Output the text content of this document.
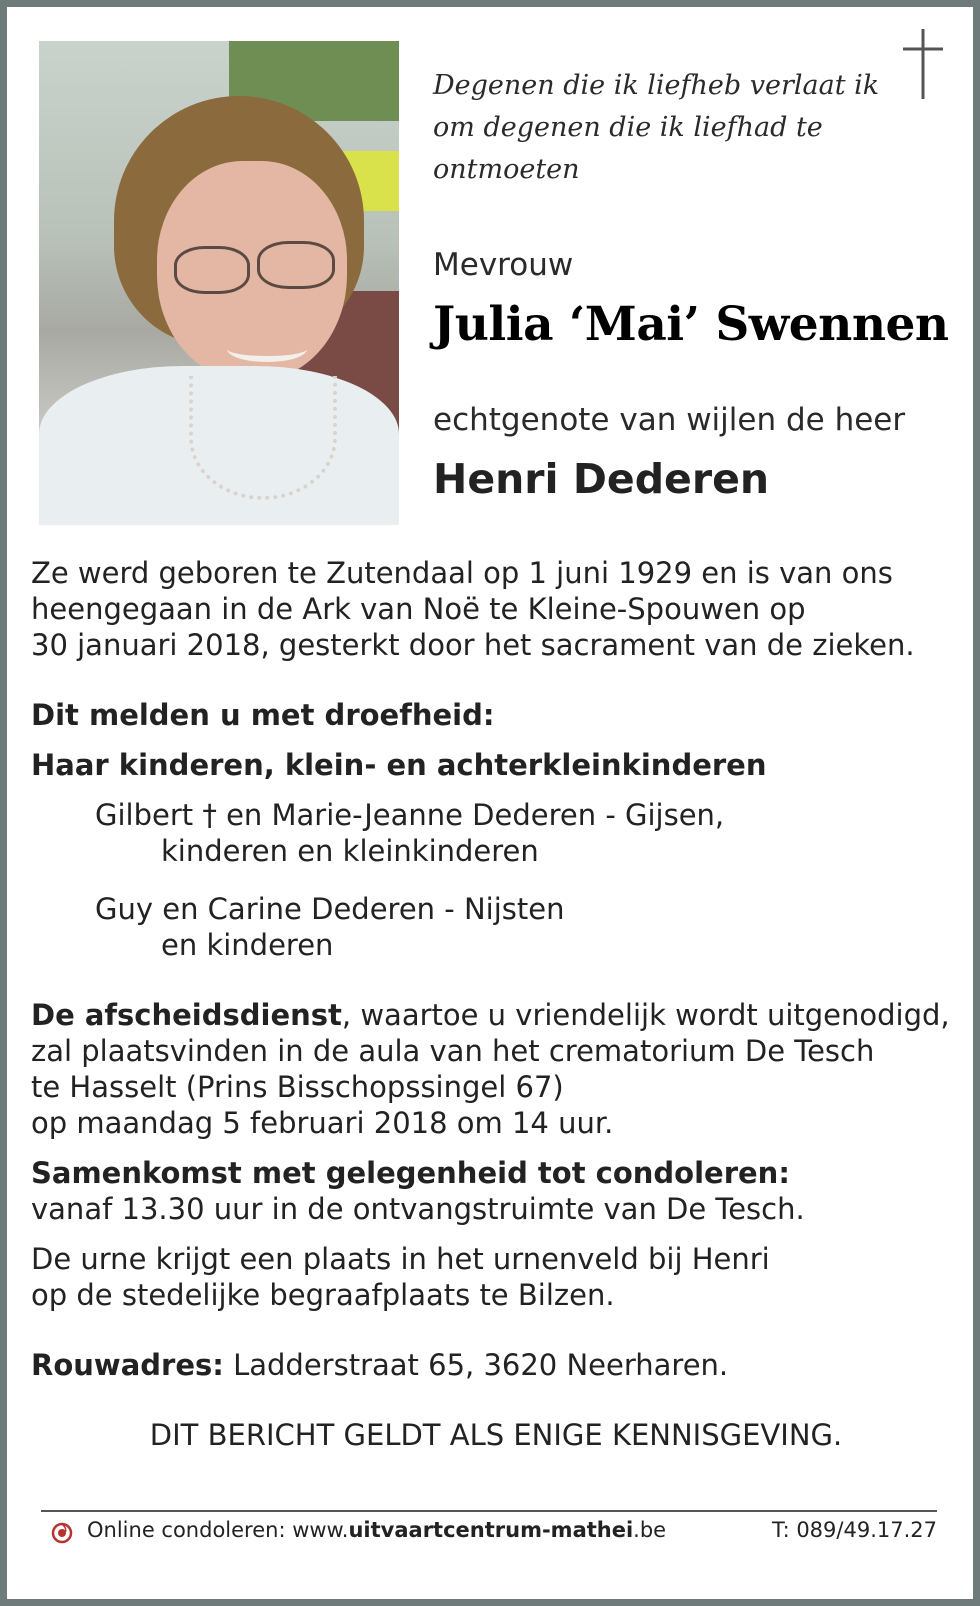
Degenen die ik liefheb verlaat ik
om degenen die ik liefhad te ontmoeten

Mevrouw

Julia ‘Mai’ Swennen

echtgenote van wijlen de heer

Henri Dederen

Ze werd geboren te Zutendaal op 1 juni 1929 en is van ons

heengegaan in de Ark van Noë te Kleine-Spouwen op

30 januari 2018, gesterkt door het sacrament van de zieken.

Dit melden u met droefheid:

Haar kinderen, klein- en achterkleinkinderen

Gilbert † en Marie-Jeanne Dederen - Gijsen,

kinderen en kleinkinderen

Guy en Carine Dederen - Nijsten

en kinderen

De afscheidsdienst, waartoe u vriendelijk wordt uitgenodigd,

zal plaatsvinden in de aula van het crematorium De Tesch

te Hasselt (Prins Bisschopssingel 67)

op maandag 5 februari 2018 om 14 uur.

Samenkomst met gelegenheid tot condoleren:

vanaf 13.30 uur in de ontvangstruimte van De Tesch.

De urne krijgt een plaats in het urnenveld bij Henri

op de stedelijke begraafplaats te Bilzen.

Rouwadres: Ladderstraat 65, 3620 Neerharen.

DIT BERICHT GELDT ALS ENIGE KENNISGEVING.

Online condoleren: www.uitvaartcentrum-mathei.be	T: 089/49.17.27
